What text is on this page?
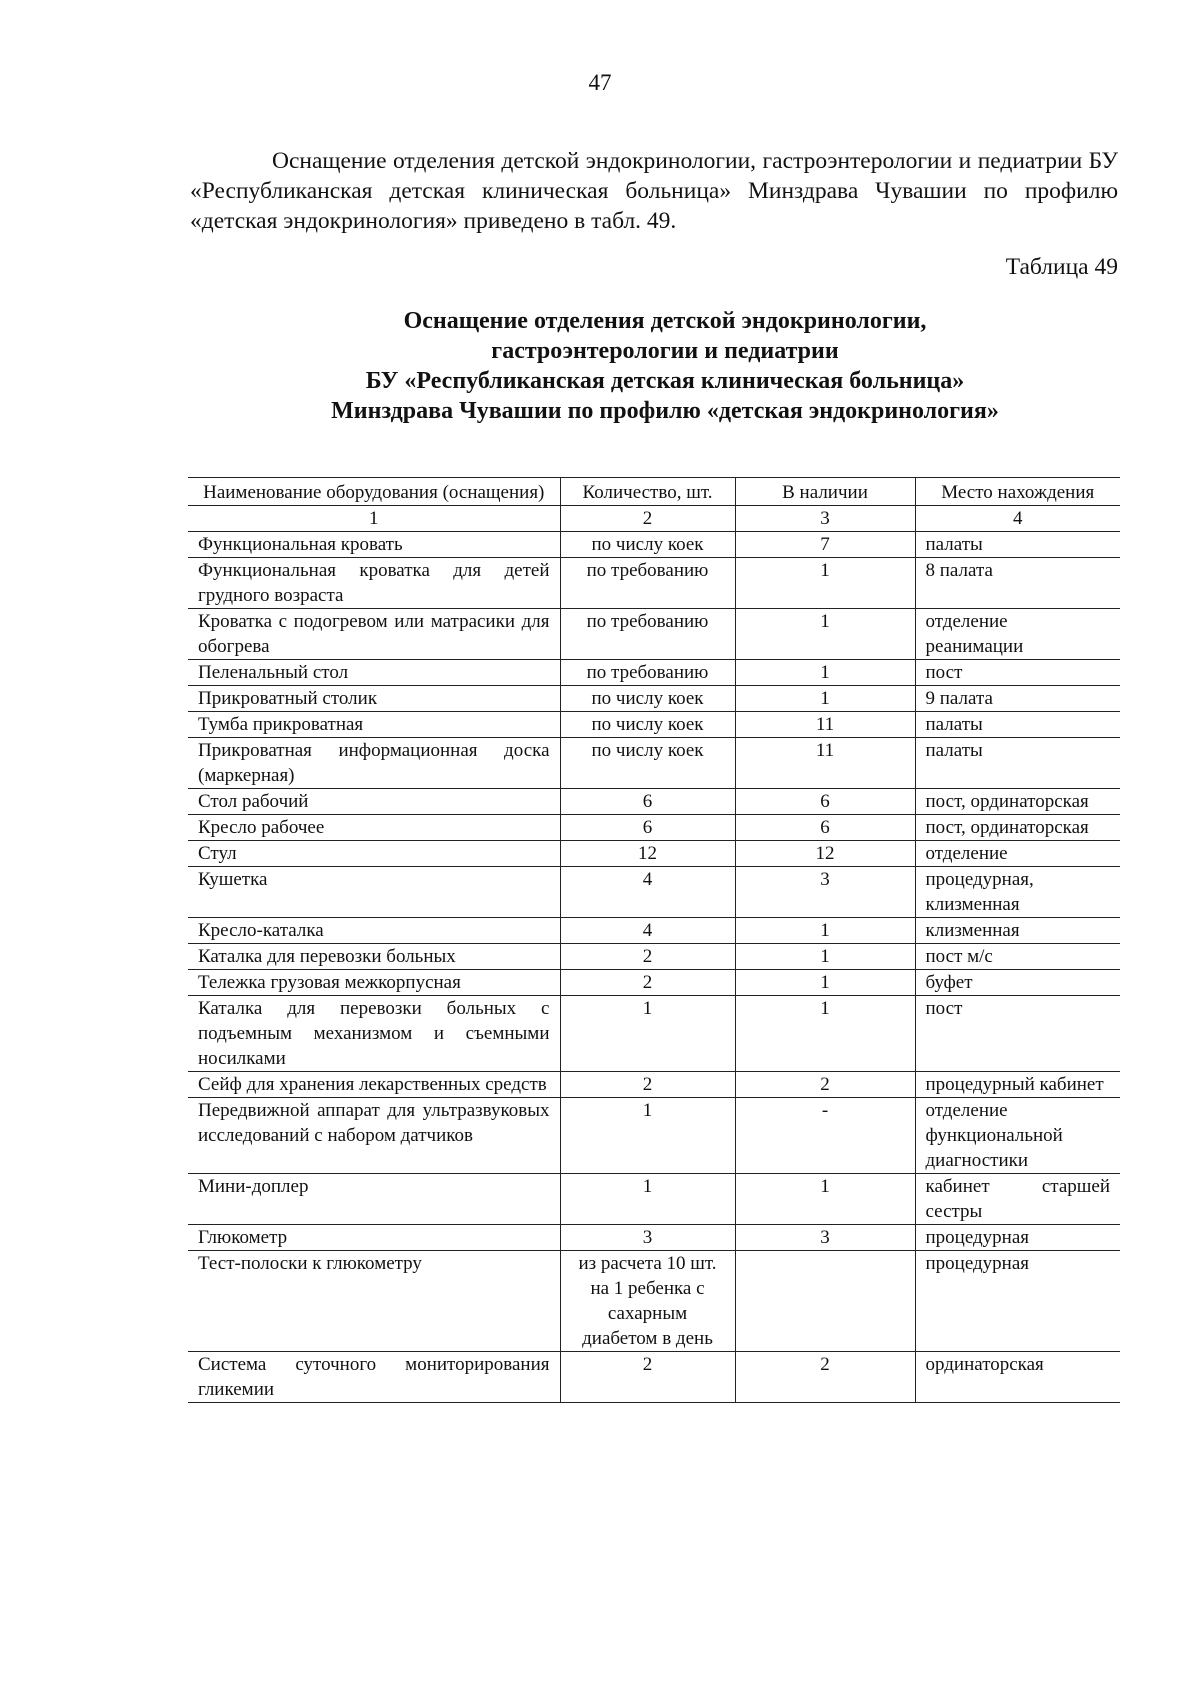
47

Оснащение отделения детской эндокринологии, гастроэнтерологии и педиатрии БУ «Республиканская детская клиническая больница» Минздрава Чувашии по профилю «детская эндокринология» приведено в табл. 49.

Таблица 49
Оснащение отделения детской эндокринологии,
гастроэнтерологии и педиатрии
БУ «Республиканская детская клиническая больница»
Минздрава Чувашии по профилю «детская эндокринология»
Наименование оборудования (оснащения)	Количество, шт.	В наличии	Место нахождения
1	2	3	4
Функциональная кровать	по числу коек	7	палаты
Функциональная кроватка для детей грудного возраста	по требованию	1	8 палата
Кроватка с подогревом или матрасики для обогрева	по требованию	1	отделение реанимации
Пеленальный стол	по требованию	1	пост
Прикроватный столик	по числу коек	1	9 палата
Тумба прикроватная	по числу коек	11	палаты
Прикроватная информационная доска (маркерная)	по числу коек	11	палаты
Стол рабочий	6	6	пост, ординаторская
Кресло рабочее	6	6	пост, ординаторская
Стул	12	12	отделение
Кушетка	4	3	процедурная, клизменная
Кресло-каталка	4	1	клизменная
Каталка для перевозки больных	2	1	пост м/с
Тележка грузовая межкорпусная	2	1	буфет
Каталка для перевозки больных с подъемным механизмом и съемными носилками	1	1	пост
Сейф для хранения лекарственных средств	2	2	процедурный кабинет
Передвижной аппарат для ультразвуковых исследований с набором датчиков	1	-	отделение функциональной диагностики
Мини-доплер	1	1	кабинет старшей сестры
Глюкометр	3	3	процедурная
Тест-полоски к глюкометру	из расчета 10 шт. на 1 ребенка с сахарным диабетом в день		процедурная
Система суточного мониторирования гликемии	2	2	ординаторская
